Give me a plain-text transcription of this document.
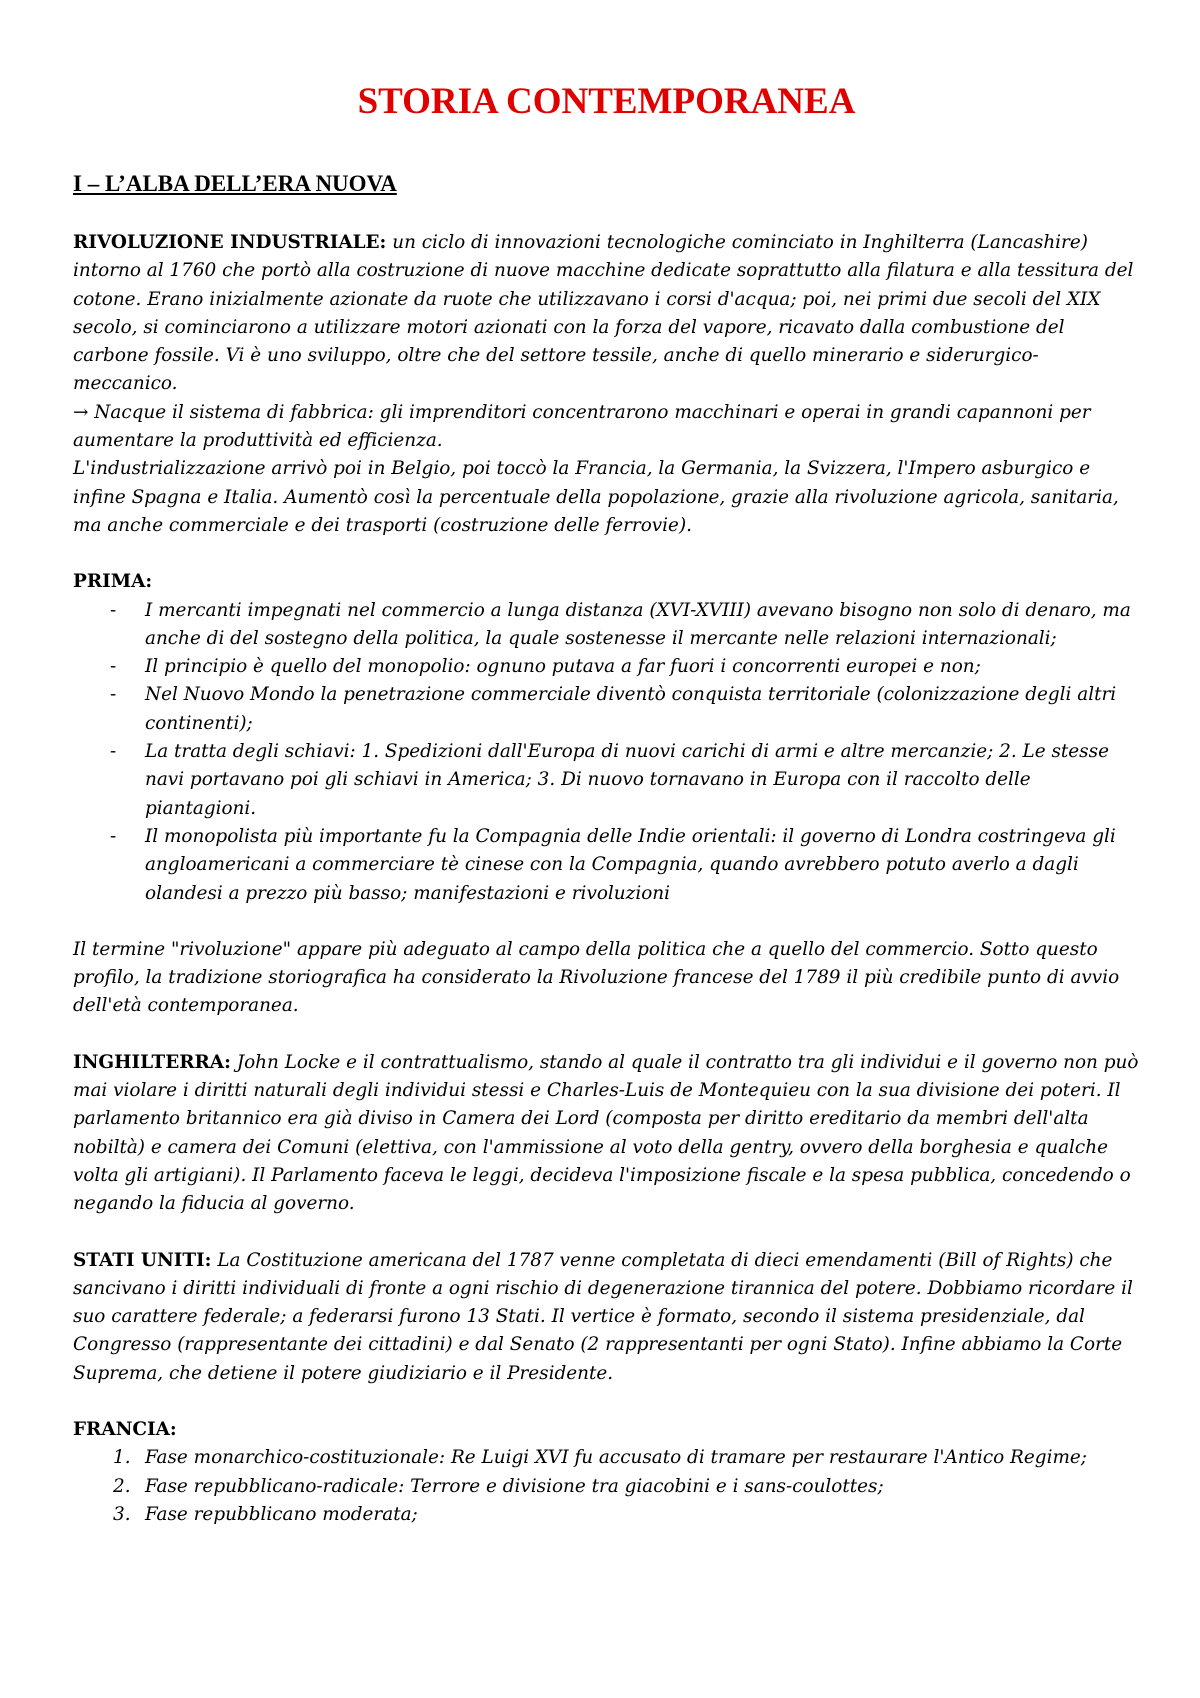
STORIA CONTEMPORANEA
I – L’ALBA DELL’ERA NUOVA

RIVOLUZIONE INDUSTRIALE: un ciclo di innovazioni tecnologiche cominciato in Inghilterra (Lancashire) intorno al 1760 che portò alla costruzione di nuove macchine dedicate soprattutto alla filatura e alla tessitura del cotone. Erano inizialmente azionate da ruote che utilizzavano i corsi d'acqua; poi, nei primi due secoli del XIX secolo, si cominciarono a utilizzare motori azionati con la forza del vapore, ricavato dalla combustione del carbone fossile. Vi è uno sviluppo, oltre che del settore tessile, anche di quello minerario e siderurgico-meccanico.

→ Nacque il sistema di fabbrica: gli imprenditori concentrarono macchinari e operai in grandi capannoni per aumentare la produttività ed efficienza.

L'industrializzazione arrivò poi in Belgio, poi toccò la Francia, la Germania, la Svizzera, l'Impero asburgico e infine Spagna e Italia. Aumentò così la percentuale della popolazione, grazie alla rivoluzione agricola, sanitaria, ma anche commerciale e dei trasporti (costruzione delle ferrovie).

PRIMA:
- I mercanti impegnati nel commercio a lunga distanza (XVI-XVIII) avevano bisogno non solo di denaro, ma anche di del sostegno della politica, la quale sostenesse il mercante nelle relazioni internazionali;
- Il principio è quello del monopolio: ognuno putava a far fuori i concorrenti europei e non;
- Nel Nuovo Mondo la penetrazione commerciale diventò conquista territoriale (colonizzazione degli altri continenti);
- La tratta degli schiavi: 1. Spedizioni dall'Europa di nuovi carichi di armi e altre mercanzie; 2. Le stesse navi portavano poi gli schiavi in America; 3. Di nuovo tornavano in Europa con il raccolto delle piantagioni.
- Il monopolista più importante fu la Compagnia delle Indie orientali: il governo di Londra costringeva gli angloamericani a commerciare tè cinese con la Compagnia, quando avrebbero potuto averlo a dagli olandesi a prezzo più basso; manifestazioni e rivoluzioni

Il termine "rivoluzione" appare più adeguato al campo della politica che a quello del commercio. Sotto questo profilo, la tradizione storiografica ha considerato la Rivoluzione francese del 1789 il più credibile punto di avvio dell'età contemporanea.

INGHILTERRA: John Locke e il contrattualismo, stando al quale il contratto tra gli individui e il governo non può mai violare i diritti naturali degli individui stessi e Charles-Luis de Montequieu con la sua divisione dei poteri. Il parlamento britannico era già diviso in Camera dei Lord (composta per diritto ereditario da membri dell'alta nobiltà) e camera dei Comuni (elettiva, con l'ammissione al voto della gentry, ovvero della borghesia e qualche volta gli artigiani). Il Parlamento faceva le leggi, decideva l'imposizione fiscale e la spesa pubblica, concedendo o negando la fiducia al governo.

STATI UNITI: La Costituzione americana del 1787 venne completata di dieci emendamenti (Bill of Rights) che sancivano i diritti individuali di fronte a ogni rischio di degenerazione tirannica del potere. Dobbiamo ricordare il suo carattere federale; a federarsi furono 13 Stati. Il vertice è formato, secondo il sistema presidenziale, dal Congresso (rappresentante dei cittadini) e dal Senato (2 rappresentanti per ogni Stato). Infine abbiamo la Corte Suprema, che detiene il potere giudiziario e il Presidente.

FRANCIA:
1. Fase monarchico-costituzionale: Re Luigi XVI fu accusato di tramare per restaurare l'Antico Regime;
2. Fase repubblicano-radicale: Terrore e divisione tra giacobini e i sans-coulottes;
3. Fase repubblicano moderata;
